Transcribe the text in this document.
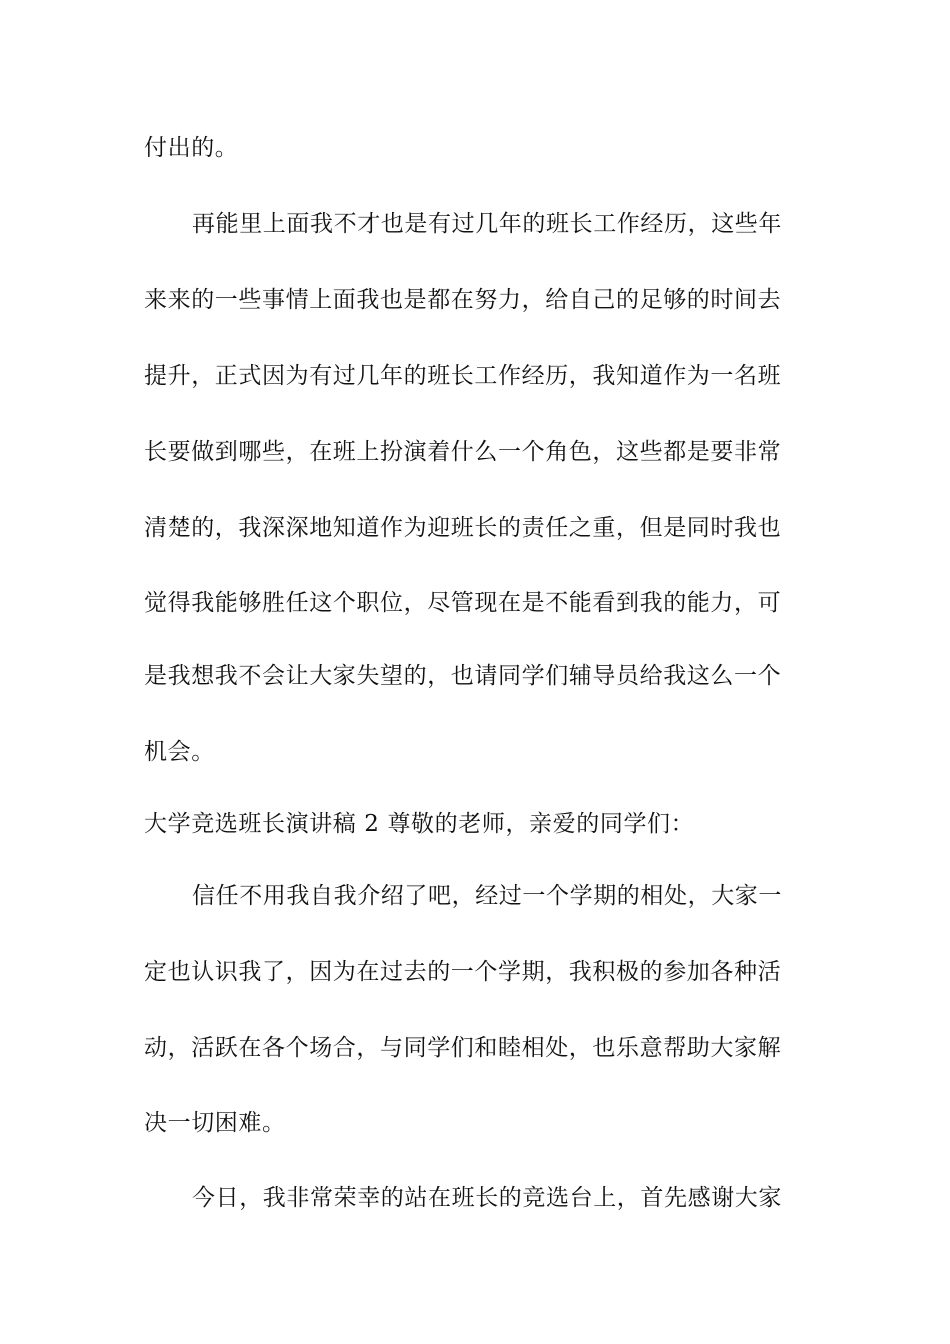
付出的。
再能里上面我不才也是有过几年的班长工作经历，这些年
来来的一些事情上面我也是都在努力，给自己的足够的时间去
提升，正式因为有过几年的班长工作经历，我知道作为一名班
长要做到哪些，在班上扮演着什么一个角色，这些都是要非常
清楚的，我深深地知道作为迎班长的责任之重，但是同时我也
觉得我能够胜任这个职位，尽管现在是不能看到我的能力，可
是我想我不会让大家失望的，也请同学们辅导员给我这么一个
机会。
大学竞选班长演讲稿 2 尊敬的老师，亲爱的同学们：
信任不用我自我介绍了吧，经过一个学期的相处，大家一
定也认识我了，因为在过去的一个学期，我积极的参加各种活
动，活跃在各个场合，与同学们和睦相处，也乐意帮助大家解
决一切困难。
今日，我非常荣幸的站在班长的竞选台上，首先感谢大家
